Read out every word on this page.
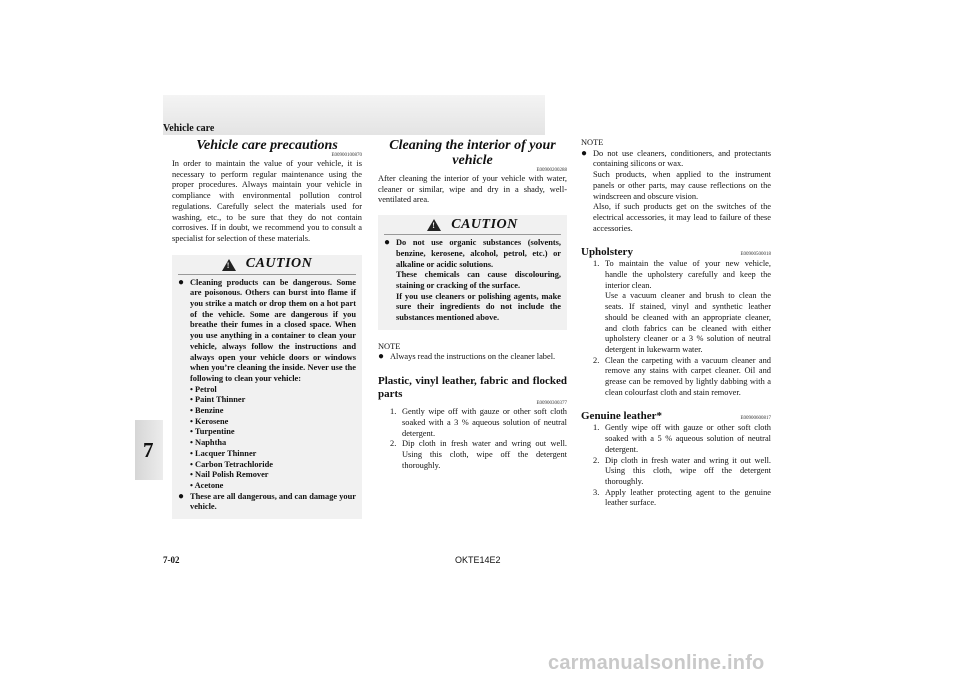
Vehicle care
7

Vehicle care precautions

E00900100870

In order to maintain the value of your vehicle, it is necessary to perform regular maintenance using the proper procedures. Always maintain your vehicle in compliance with environmental pollution control regulations. Carefully select the materials used for washing, etc., to be sure that they do not contain corrosives. If in doubt, we recommend you to consult a specialist for selection of these materials.

!
CAUTION
● Cleaning products can be dangerous. Some are poisonous. Others can burst into flame if you strike a match or drop them on a hot part of the vehicle. Some are dangerous if you breathe their fumes in a closed space. When you use anything in a container to clean your vehicle, always follow the instructions and always open your vehicle doors or windows when you’re cleaning the inside. Never use the following to clean your vehicle:
• Petrol
• Paint Thinner
• Benzine
• Kerosene
• Turpentine
• Naphtha
• Lacquer Thinner
• Carbon Tetrachloride
• Nail Polish Remover
• Acetone
● These are all dangerous, and can damage your vehicle.

Cleaning the interior of your vehicle

E00900200288

After cleaning the interior of your vehicle with water, cleaner or similar, wipe and dry in a shady, well-ventilated area.

!
CAUTION
● Do not use organic substances (solvents, benzine, kerosene, alcohol, petrol, etc.) or alkaline or acidic solutions.
These chemicals can cause discolouring, staining or cracking of the surface.
If you use cleaners or polishing agents, make sure their ingredients do not include the substances mentioned above.
NOTE
● Always read the instructions on the cleaner label.

Plastic, vinyl leather, fabric and flocked parts

E00900300377
1. Gently wipe off with gauze or other soft cloth soaked with a 3 % aqueous solution of neutral detergent.
2. Dip cloth in fresh water and wring out well. Using this cloth, wipe off the detergent thoroughly.
NOTE
● Do not use cleaners, conditioners, and protectants containing silicons or wax.
Such products, when applied to the instrument panels or other parts, may cause reflections on the windscreen and obscure vision.
Also, if such products get on the switches of the electrical accessories, it may lead to failure of these accessories.

Upholstery	E00900500018
1. To maintain the value of your new vehicle, handle the upholstery carefully and keep the interior clean.
Use a vacuum cleaner and brush to clean the seats. If stained, vinyl and synthetic leather should be cleaned with an appropriate cleaner, and cloth fabrics can be cleaned with either upholstery cleaner or a 3 % solution of neutral detergent in lukewarm water.
2. Clean the carpeting with a vacuum cleaner and remove any stains with carpet cleaner. Oil and grease can be removed by lightly dabbing with a clean colourfast cloth and stain remover.

Genuine leather*	E00900600817
1. Gently wipe off with gauze or other soft cloth soaked with a 5 % aqueous solution of neutral detergent.
2. Dip cloth in fresh water and wring it out well. Using this cloth, wipe off the detergent thoroughly.
3. Apply leather protecting agent to the genuine leather surface.
7-02	OKTE14E2
carmanualsonline.info
